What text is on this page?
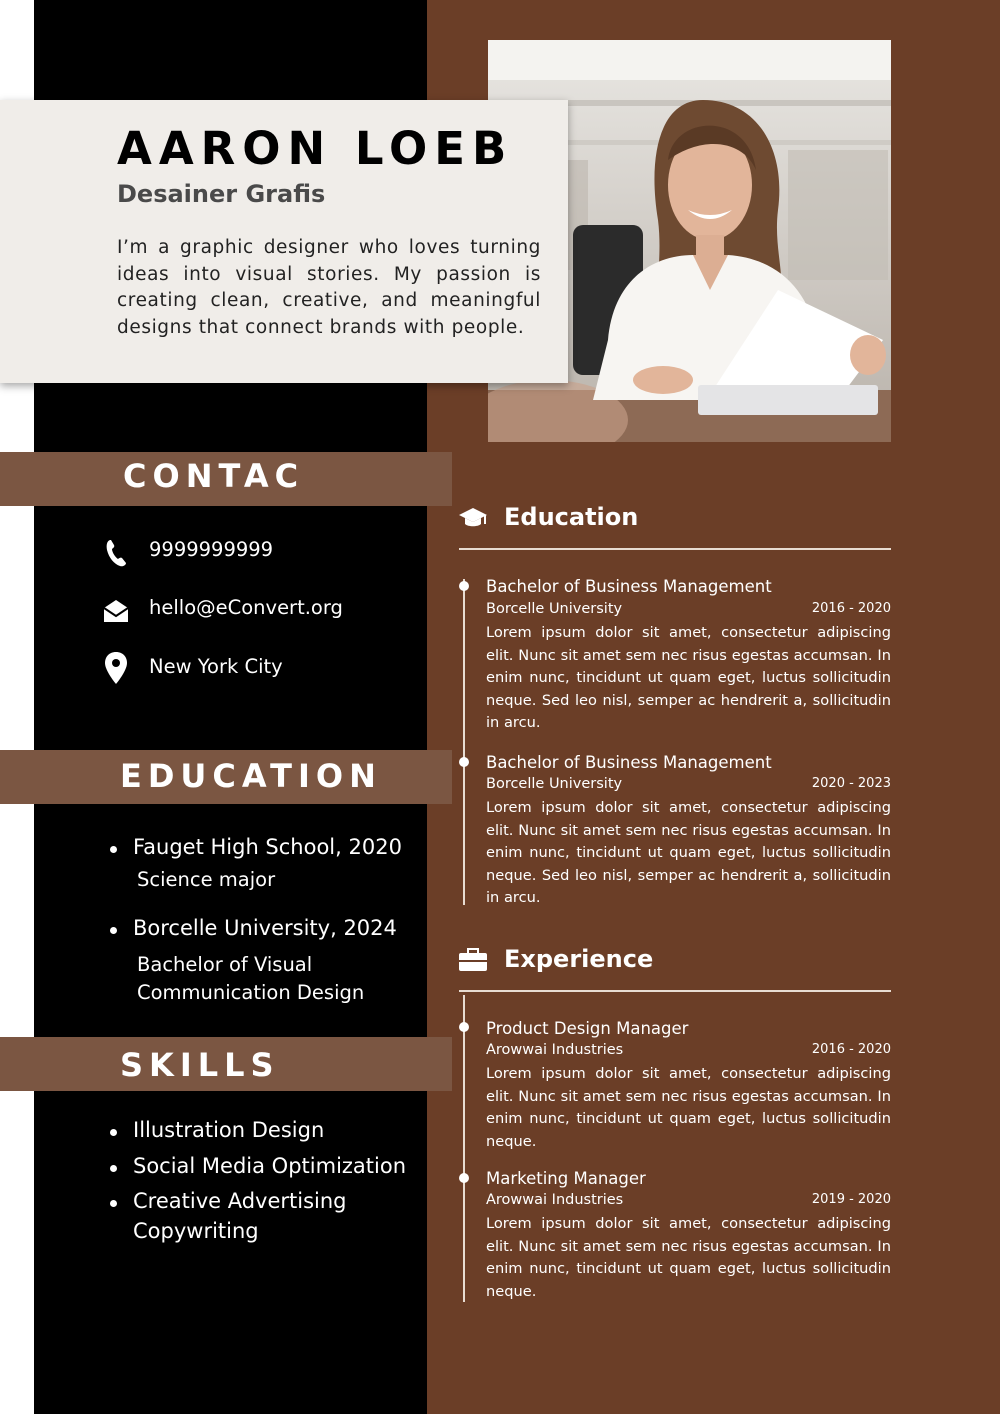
AARON LOEB
Desainer Grafis
I’m a graphic designer who loves turning ideas into visual stories. My passion is creating clean, creative, and meaningful designs that connect brands with people.
CONTAC
9999999999
hello@eConvert.org
New York City
EDUCATION
Fauget High School, 2020
Science major
Borcelle University, 2024
Bachelor of Visual
Communication Design
SKILLS
Illustration Design
Social Media Optimization
Creative Advertising
Copywriting
Education
Bachelor of Business Management
Borcelle University	2016 - 2020
Lorem ipsum dolor sit amet, consectetur adipiscing elit. Nunc sit amet sem nec risus egestas accumsan. In enim nunc, tincidunt ut quam eget, luctus sollicitudin neque. Sed leo nisl, semper ac hendrerit a, sollicitudin in arcu.
Bachelor of Business Management
Borcelle University	2020 - 2023
Lorem ipsum dolor sit amet, consectetur adipiscing elit. Nunc sit amet sem nec risus egestas accumsan. In enim nunc, tincidunt ut quam eget, luctus sollicitudin neque. Sed leo nisl, semper ac hendrerit a, sollicitudin in arcu.
Experience
Product Design Manager
Arowwai Industries	2016 - 2020
Lorem ipsum dolor sit amet, consectetur adipiscing elit. Nunc sit amet sem nec risus egestas accumsan. In enim nunc, tincidunt ut quam eget, luctus sollicitudin neque.
Marketing Manager
Arowwai Industries	2019 - 2020
Lorem ipsum dolor sit amet, consectetur adipiscing elit. Nunc sit amet sem nec risus egestas accumsan. In enim nunc, tincidunt ut quam eget, luctus sollicitudin neque.
